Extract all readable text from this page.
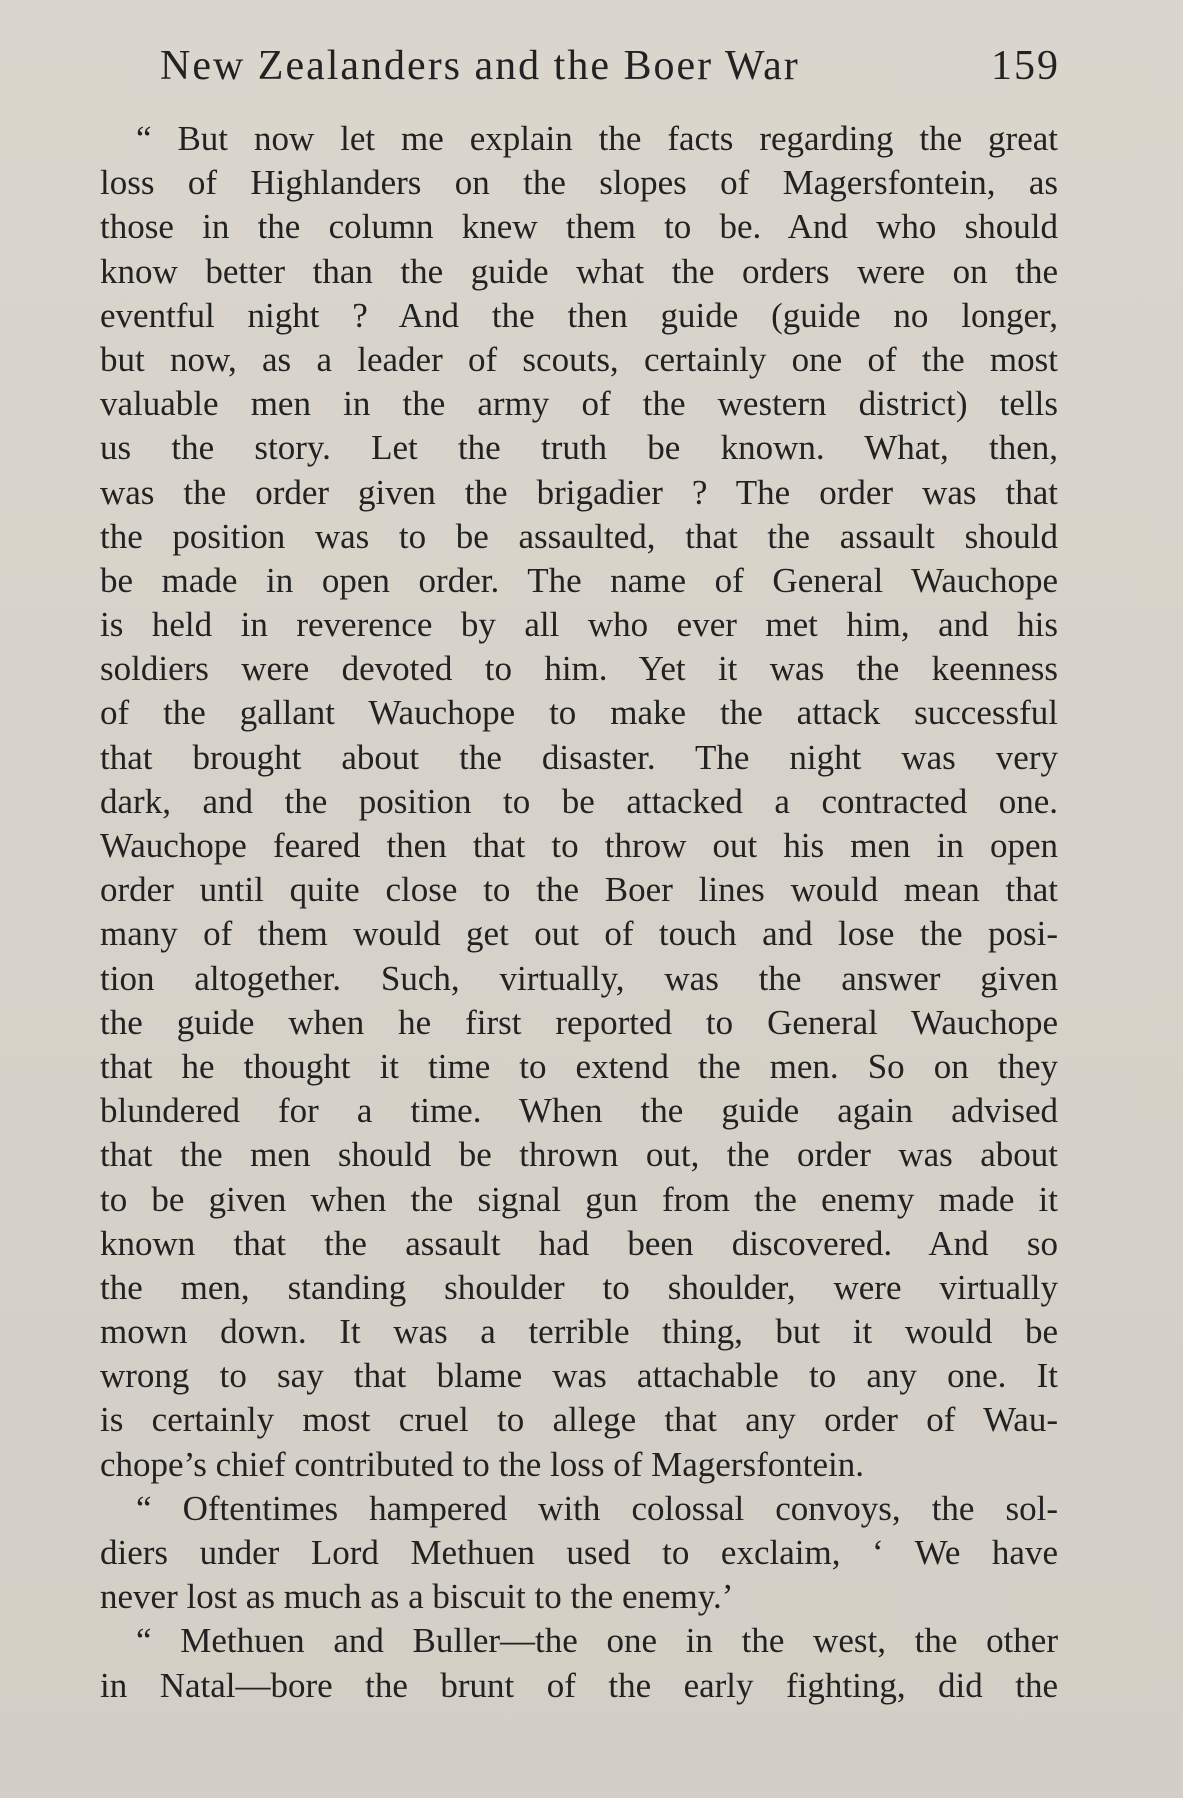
New Zealanders and the Boer War	159
“ But now let me explain the facts regarding the great
loss of Highlanders on the slopes of Magersfontein, as
those in the column knew them to be. And who should
know better than the guide what the orders were on the
eventful night ? And the then guide (guide no longer,
but now, as a leader of scouts, certainly one of the most
valuable men in the army of the western district) tells
us the story. Let the truth be known. What, then,
was the order given the brigadier ? The order was that
the position was to be assaulted, that the assault should
be made in open order. The name of General Wauchope
is held in reverence by all who ever met him, and his
soldiers were devoted to him. Yet it was the keenness
of the gallant Wauchope to make the attack successful
that brought about the disaster. The night was very
dark, and the position to be attacked a contracted one.
Wauchope feared then that to throw out his men in open
order until quite close to the Boer lines would mean that
many of them would get out of touch and lose the posi-
tion altogether. Such, virtually, was the answer given
the guide when he first reported to General Wauchope
that he thought it time to extend the men. So on they
blundered for a time. When the guide again advised
that the men should be thrown out, the order was about
to be given when the signal gun from the enemy made it
known that the assault had been discovered. And so
the men, standing shoulder to shoulder, were virtually
mown down. It was a terrible thing, but it would be
wrong to say that blame was attachable to any one. It
is certainly most cruel to allege that any order of Wau-
chope’s chief contributed to the loss of Magersfontein.
“ Oftentimes hampered with colossal convoys, the sol-
diers under Lord Methuen used to exclaim, ‘ We have
never lost as much as a biscuit to the enemy.’
“ Methuen and Buller—the one in the west, the other
in Natal—bore the brunt of the early fighting, did the
